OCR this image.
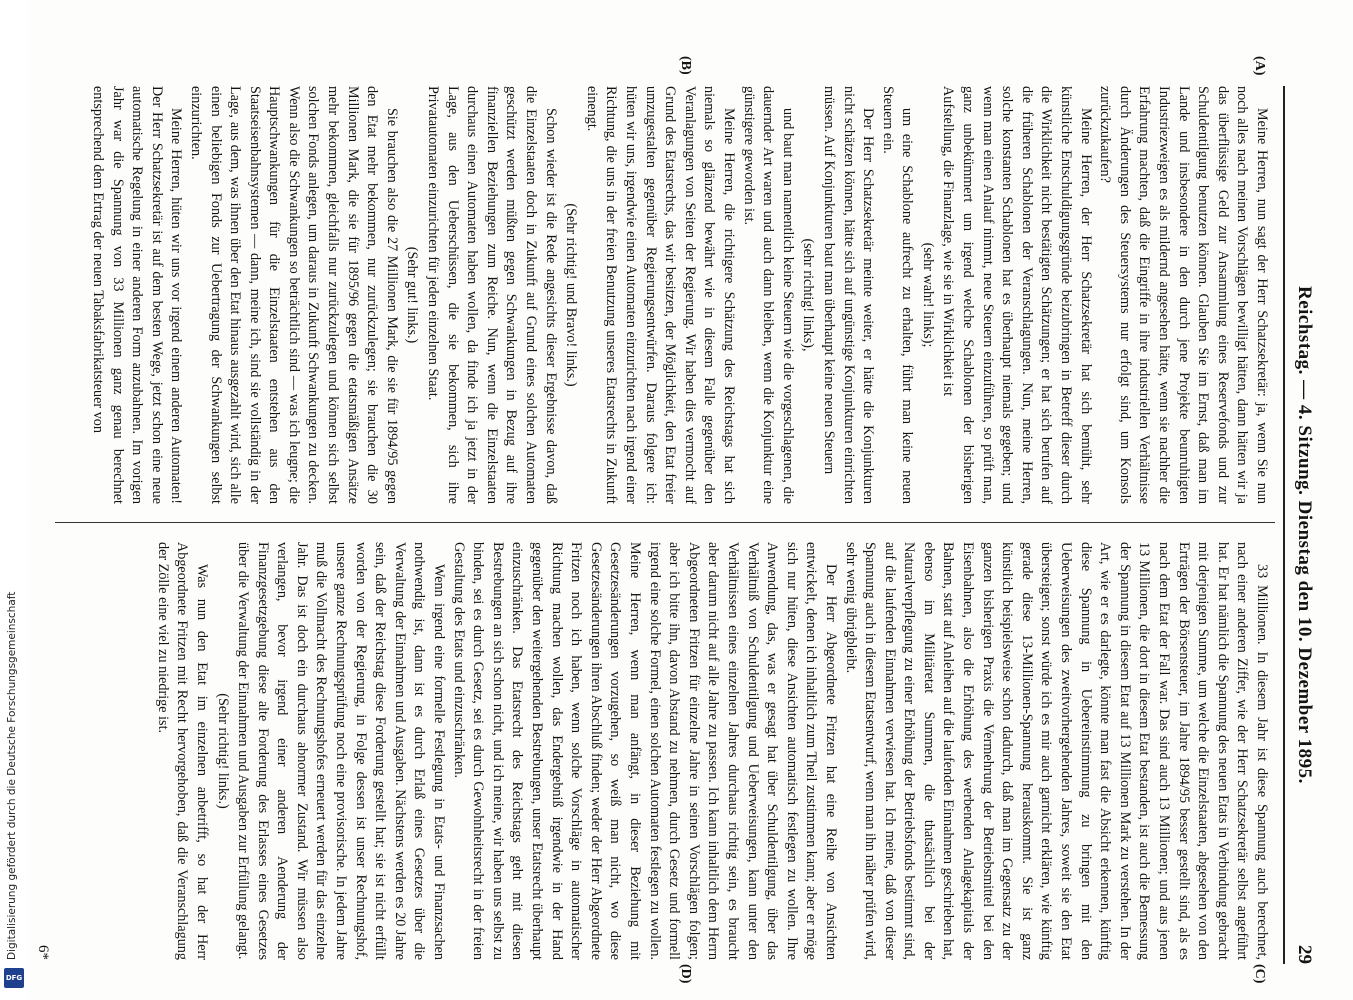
Reichstag. — 4. Sitzung. Dienstag den 10. Dezember 1895.
29

Meine Herren, nun sagt der Herr Schatzsekretär: ja, wenn Sie nun noch alles nach meinen Vorschlägen bewilligt hätten, dann hätten wir ja das überflüssige Geld zur Ansammlung eines Reservefonds und zur Schuldentilgung benutzen können. Glauben Sie im Ernst, daß man im Lande und insbesondere in den durch jene Projekte beunruhigten Industriezweigen es als mildernd angesehen hätte, wenn sie nachher die Erfahrung machten, daß die Eingriffe in ihre industriellen Verhältnisse durch Änderungen des Steuersystems nur erfolgt sind, um Konsols zurückzukaufen?

Meine Herren, der Herr Schatzsekretär hat sich bemüht, sehr künstliche Entschuldigungsgründe beizubringen in Betreff dieser durch die Wirklichkeit nicht bestätigten Schätzungen; er hat sich berufen auf die früheren Schablonen der Veranschlagungen. Nun, meine Herren, solche konstanten Schablonen hat es überhaupt niemals gegeben; und wenn man einen Anlauf nimmt, neue Steuern einzuführen, so prüft man, ganz unbekümmert um irgend welche Schablonen der bisherigen Aufstellung, die Finanzlage, wie sie in Wirklichkeit ist

(sehr wahr! links);

um eine Schablone aufrecht zu erhalten, führt man keine neuen Steuern ein.

Der Herr Schatzsekretär meinte weiter, er hätte die Konjunkturen nicht schätzen können, hätte sich auf ungünstige Konjunkturen einrichten müssen. Auf Konjunkturen baut man überhaupt keine neuen Steuern

(sehr richtig! links),

und baut man namentlich keine Steuern wie die vorgeschlagenen, die dauernder Art waren und auch dann bleiben, wenn die Konjunktur eine günstigere geworden ist.

Meine Herren, die richtigere Schätzung des Reichstags hat sich niemals so glänzend bewährt wie in diesem Falle gegenüber den Veranlagungen von Seiten der Regierung. Wir haben dies vermocht auf Grund des Etatsrechts, das wir besitzen, der Möglichkeit, den Etat freier umzugestalten gegenüber Regierungsentwürfen. Daraus folgere ich: hüten wir uns, irgendwie einen Automaten einzurichten nach irgend einer Richtung, die uns in der freien Benutzung unseres Etatsrechts in Zukunft einengt.

(Sehr richtig! und Bravo! links.)

Schon wieder ist die Rede angesichts dieser Ergebnisse davon, daß die Einzelstaaten doch in Zukunft auf Grund eines solchen Automaten geschützt werden müßten gegen Schwankungen in Bezug auf ihre finanziellen Beziehungen zum Reiche. Nun, wenn die Einzelstaaten durchaus einen Automaten haben wollen, da finde ich ja jetzt in der Lage, aus den Ueberschüssen, die sie bekommen, sich ihre Privatautomaten einzurichten für jeden einzelnen Staat.

(Sehr gut! links.)

Sie brauchen also die 27 Millionen Mark, die sie für 1894/95 gegen den Etat mehr bekommen, nur zurückzulegen; sie brauchen die 30 Millionen Mark, die sie für 1895/96 gegen die etatsmäßigen Ansätze mehr bekommen, gleichfalls nur zurückzulegen und können sich selbst solchen Fonds anlegen, um daraus in Zukunft Schwankungen zu decken. Wenn also die Schwankungen so beträchtlich sind — was ich leugne; die Hauptschwankungen für die Einzelstaaten entstehen aus den Staatseisenbahnsystemen — dann, meine ich, sind sie vollständig in der Lage, aus dem, was ihnen über den Etat hinaus ausgezahlt wird, sich alle einen beliebigen Fonds zur Uebertragung der Schwankungen selbst einzurichten.

Meine Herren, hüten wir uns vor irgend einem anderen Automaten! Der Herr Schatzsekretär ist auf dem besten Wege, jetzt schon eine neue automatische Regelung in einer anderen Form anzubahnen. Im vorigen Jahr war die Spannung von 33 Millionen ganz genau berechnet entsprechend dem Ertrag der neuen Tabaksfabrikatsteuer von

33 Millionen. In diesem Jahr ist diese Spannung auch berechnet, nach einer anderen Ziffer, wie der Herr Schatzsekretär selbst angeführt hat. Er hat nämlich die Spannung des neuen Etats in Verbindung gebracht mit derjenigen Summe, um welche die Einzelstaaten, abgesehen von den Erträgen der Börsensteuer, im Jahre 1894/95 besser gestellt sind, als es nach dem Etat der Fall war. Das sind auch 13 Millionen; und aus jenen 13 Millionen, die dort in diesem Etat bestanden, ist auch die Bemessung der Spannung in diesem Etat auf 13 Millionen Mark zu verstehen. In der Art, wie er es darlegte, könnte man fast die Absicht erkennen, künftig diese Spannung in Uebereinstimmung zu bringen mit den Ueberweisungen des zweitvorhergehenden Jahres, soweit sie den Etat übersteigen; sonst würde ich es mir auch garnicht erklären, wie künftig gerade diese 13-Millionen-Spannung herauskommt. Sie ist ganz künstlich beispielsweise schon dadurch, daß man im Gegensatz zu der ganzen bisherigen Praxis die Vermehrung der Betriebsmittel bei den Eisenbahnen, also die Erhöhung des werbenden Anlagekapitals der Bahnen, statt auf Anleihen auf die laufenden Einnahmen geschrieben hat, ebenso im Militäretat Summen, die thatsächlich bei der Naturalverpflegung zu einer Erhöhung der Betriebsfonds bestimmt sind, auf die laufenden Einnahmen verwiesen hat. Ich meine, daß von dieser Spannung auch in diesem Etatsentwurf, wenn man ihn näher prüfen wird, sehr wenig übrigbleibt.

Der Herr Abgeordnete Fritzen hat eine Reihe von Ansichten entwickelt, denen ich inhaltlich zum Theil zustimmen kann; aber er möge sich nur hüten, diese Ansichten automatisch festlegen zu wollen. Ihre Anwendung, das, was er gesagt hat über Schuldentilgung, über das Verhältniß von Schuldentilgung und Ueberweisungen, kann unter den Verhältnissen eines einzelnen Jahres durchaus richtig sein, es braucht aber darum nicht auf alle Jahre zu passen. Ich kann inhaltlich dem Herrn Abgeordneten Fritzen für einzelne Jahre in seinen Vorschlägen folgen; aber ich bitte ihn, davon Abstand zu nehmen, durch Gesetz und formell irgend eine solche Formel, einen solchen Automaten festlegen zu wollen. Meine Herren, wenn man anfängt, in dieser Beziehung mit Gesetzesänderungen vorzugehen, so weiß man nicht, wo diese Gesetzesänderungen ihren Abschluß finden; weder der Herr Abgeordnete Fritzen noch ich haben, wenn solche Vorschläge in automatischer Richtung machen wollen, das Endergebniß irgendwie in der Hand gegenüber den weitergehenden Bestrebungen, unser Etatsrecht überhaupt einzuschränken. Das Etatsrecht des Reichstags geht mit diesen Bestrebungen an sich schon nicht, und ich meine, wir haben uns selbst zu binden, sei es durch Gesetz, sei es durch Gewohnheitsrecht in der freien Gestaltung des Etats und einzuschränken.

Wenn irgend eine formelle Festlegung in Etats- und Finanzsachen nothwendig ist, dann ist es durch Erlaß eines Gesetzes über die Verwaltung der Einnahmen und Ausgaben. Nächstens werden es 20 Jahre sein, daß der Reichstag diese Forderung gestellt hat; sie ist nicht erfüllt worden von der Regierung, in Folge dessen ist unser Rechnungshof, unsere ganze Rechnungsprüfung noch eine provisorische. In jedem Jahre muß die Vollmacht des Rechnungshofes erneuert werden für das einzelne Jahr. Das ist doch ein durchaus abnormer Zustand. Wir müssen also verlangen, bevor irgend einer anderen Aenderung der Finanzgesetzgebung diese alte Forderung des Erlasses eines Gesetzes über die Verwaltung der Einnahmen und Ausgaben zur Erfüllung gelangt.

(Sehr richtig! links.)

Was nun den Etat im einzelnen anbetrifft, so hat der Herr Abgeordnete Fritzen mit Recht hervorgehoben, daß die Veranschlagung der Zölle eine viel zu niedrige ist.

(A)
(B)
(C)
(D)
6*
Digitalisierung gefördert durch die Deutsche Forschungsgemeinschaft
DFG
